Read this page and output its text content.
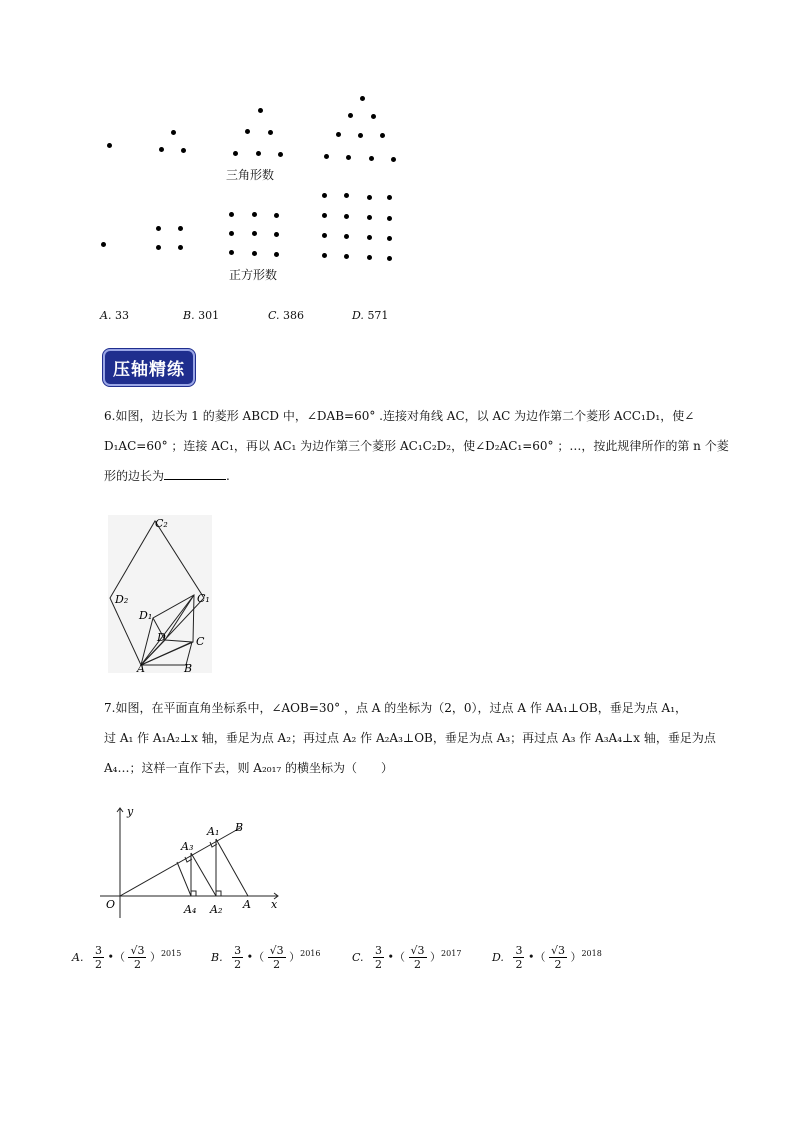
三角形数
正方形数
A. 33	B. 301	C. 386	D. 571
压轴精练
6.如图，边长为 1 的菱形 ABCD 中，∠DAB=60° .连接对角线 AC，以 AC 为边作第二个菱形 ACC₁D₁，使∠
D₁AC=60° ；连接 AC₁，再以 AC₁ 为边作第三个菱形 AC₁C₂D₂，使∠D₂AC₁=60° ；…，按此规律所作的第 n 个菱
形的边长为	.
C₂
D₂	C₁
D₁
D	C
A	B
7.如图，在平面直角坐标系中，∠AOB=30° ，点 A 的坐标为（2，0），过点 A 作 AA₁⊥OB，垂足为点 A₁，
过 A₁ 作 A₁A₂⊥x 轴，垂足为点 A₂；再过点 A₂ 作 A₂A₃⊥OB，垂足为点 A₃；再过点 A₃ 作 A₃A₄⊥x 轴，垂足为点
A₄…；这样一直作下去，则 A₂₀₁₇ 的横坐标为（　　）
y
x
O	A
B
A₁
A₂
A₃
A₄
A. $\frac{3}{2}$ •（ $\frac{√3}{2} )^{2015}$	B. $\frac{3}{2}$ •（ $\frac{√3}{2} )^{2016}$	C. $\frac{3}{2}$ •（ $\frac{√3}{2} )^{2017}$	D. $\frac{3}{2}$ •（ $\frac{√3}{2} )^{2018}$
